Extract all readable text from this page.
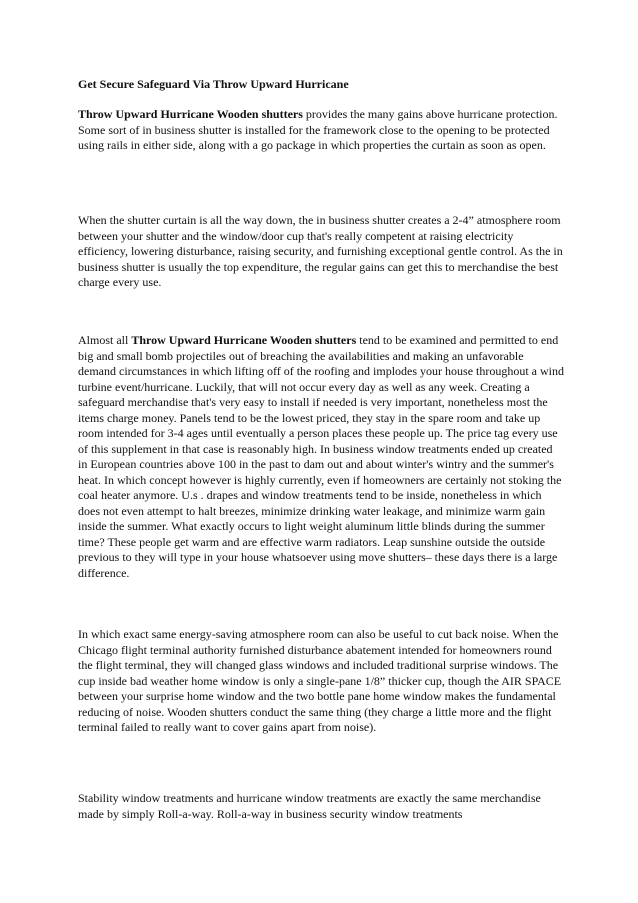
Get Secure Safeguard Via Throw Upward Hurricane

Throw Upward Hurricane Wooden shutters provides the many gains above hurricane protection. Some sort of in business shutter is installed for the framework close to the opening to be protected using rails in either side, along with a go package in which properties the curtain as soon as open.

When the shutter curtain is all the way down, the in business shutter creates a 2-4” atmosphere room between your shutter and the window/door cup that's really competent at raising electricity efficiency, lowering disturbance, raising security, and furnishing exceptional gentle control. As the in business shutter is usually the top expenditure, the regular gains can get this to merchandise the best charge every use.

Almost all Throw Upward Hurricane Wooden shutters tend to be examined and permitted to end big and small bomb projectiles out of breaching the availabilities and making an unfavorable demand circumstances in which lifting off of the roofing and implodes your house throughout a wind turbine event/hurricane. Luckily, that will not occur every day as well as any week. Creating a safeguard merchandise that's very easy to install if needed is very important, nonetheless most the items charge money. Panels tend to be the lowest priced, they stay in the spare room and take up room intended for 3-4 ages until eventually a person places these people up. The price tag every use of this supplement in that case is reasonably high. In business window treatments ended up created in European countries above 100 in the past to dam out and about winter's wintry and the summer's heat. In which concept however is highly currently, even if homeowners are certainly not stoking the coal heater anymore. U.s . drapes and window treatments tend to be inside, nonetheless in which does not even attempt to halt breezes, minimize drinking water leakage, and minimize warm gain inside the summer. What exactly occurs to light weight aluminum little blinds during the summer time? These people get warm and are effective warm radiators. Leap sunshine outside the outside previous to they will type in your house whatsoever using move shutters– these days there is a large difference.

In which exact same energy-saving atmosphere room can also be useful to cut back noise. When the Chicago flight terminal authority furnished disturbance abatement intended for homeowners round the flight terminal, they will changed glass windows and included traditional surprise windows. The cup inside bad weather home window is only a single-pane 1/8” thicker cup, though the AIR SPACE between your surprise home window and the two bottle pane home window makes the fundamental reducing of noise. Wooden shutters conduct the same thing (they charge a little more and the flight terminal failed to really want to cover gains apart from noise).

Stability window treatments and hurricane window treatments are exactly the same merchandise made by simply Roll-a-way. Roll-a-way in business security window treatments
